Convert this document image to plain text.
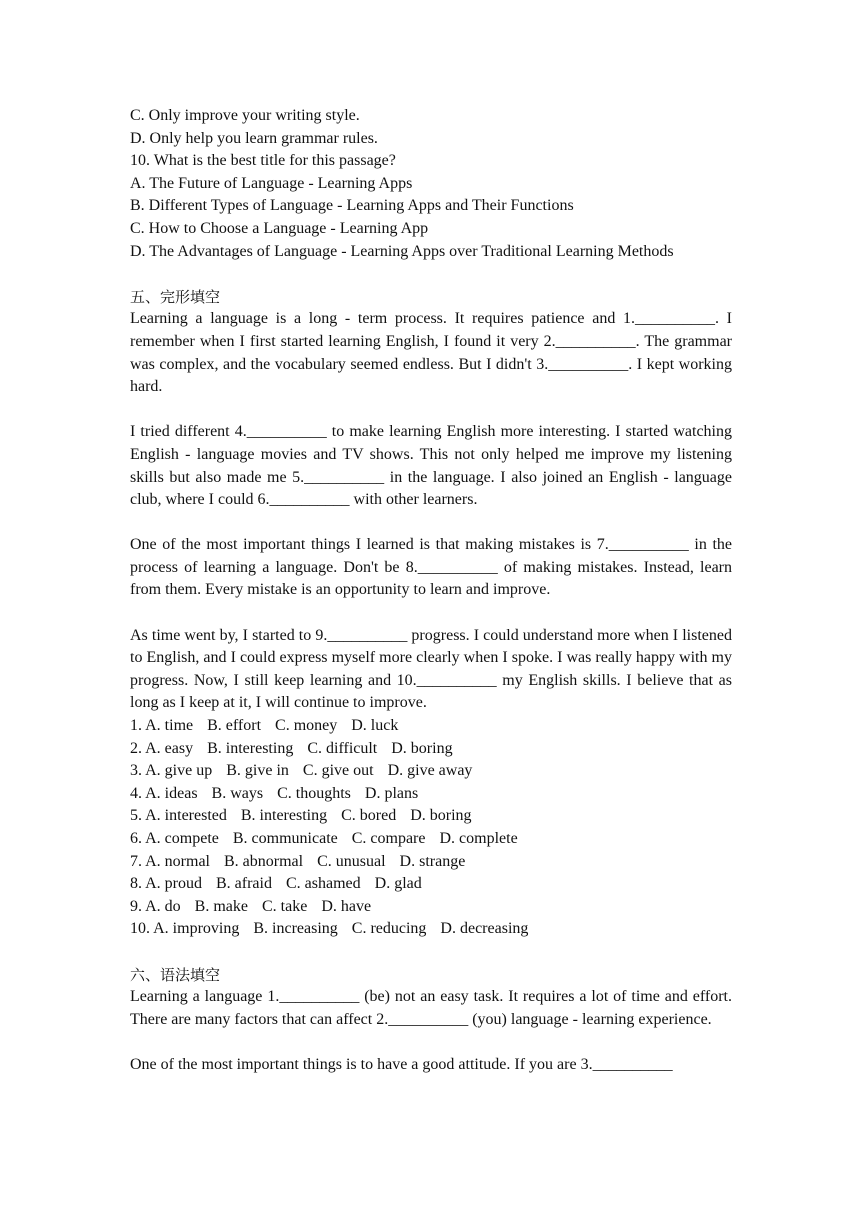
C. Only improve your writing style.
D. Only help you learn grammar rules.
10. What is the best title for this passage?
A. The Future of Language - Learning Apps
B. Different Types of Language - Learning Apps and Their Functions
C. How to Choose a Language - Learning App
D. The Advantages of Language - Learning Apps over Traditional Learning Methods
五、完形填空
Learning a language is a long - term process. It requires patience and 1.__________. I remember when I first started learning English, I found it very 2.__________. The grammar was complex, and the vocabulary seemed endless. But I didn't 3.__________. I kept working hard.
I tried different 4.__________ to make learning English more interesting. I started watching English - language movies and TV shows. This not only helped me improve my listening skills but also made me 5.__________ in the language. I also joined an English - language club, where I could 6.__________ with other learners.
One of the most important things I learned is that making mistakes is 7.__________ in the process of learning a language. Don't be 8.__________ of making mistakes. Instead, learn from them. Every mistake is an opportunity to learn and improve.
As time went by, I started to 9.__________ progress. I could understand more when I listened to English, and I could express myself more clearly when I spoke. I was really happy with my progress. Now, I still keep learning and 10.__________ my English skills. I believe that as long as I keep at it, I will continue to improve.
1. A. time B. effort C. money D. luck
2. A. easy B. interesting C. difficult D. boring
3. A. give up B. give in C. give out D. give away
4. A. ideas B. ways C. thoughts D. plans
5. A. interested B. interesting C. bored D. boring
6. A. compete B. communicate C. compare D. complete
7. A. normal B. abnormal C. unusual D. strange
8. A. proud B. afraid C. ashamed D. glad
9. A. do B. make C. take D. have
10. A. improving B. increasing C. reducing D. decreasing
六、语法填空
Learning a language 1.__________ (be) not an easy task. It requires a lot of time and effort. There are many factors that can affect 2.__________ (you) language - learning experience.
One of the most important things is to have a good attitude. If you are 3.__________
